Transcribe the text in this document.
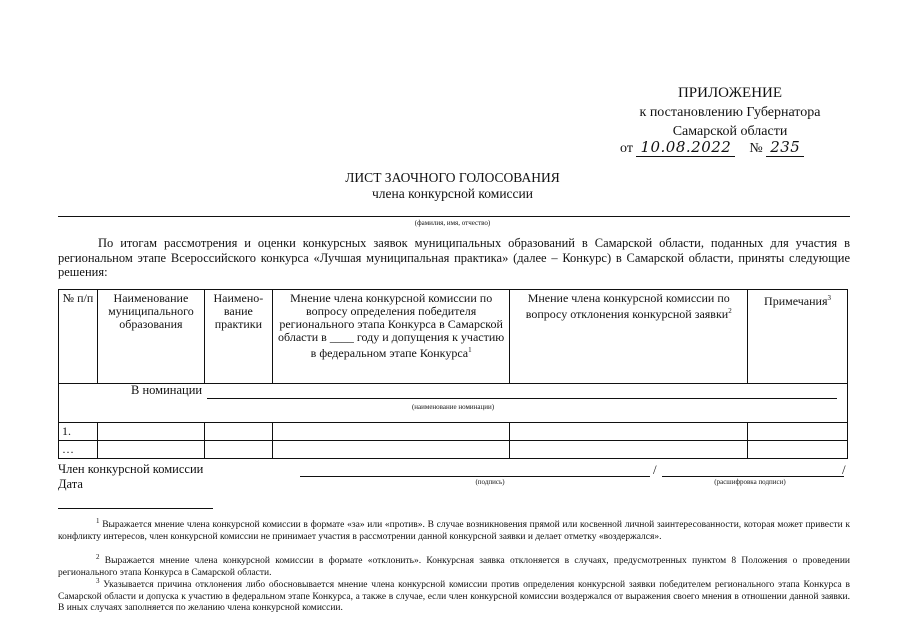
ПРИЛОЖЕНИЕ
к постановлению Губернатора
Самарской области
от 10.08.2022 № 235
ЛИСТ ЗАОЧНОГО ГОЛОСОВАНИЯ
члена конкурсной комиссии
(фамилия, имя, отчество)
По итогам рассмотрения и оценки конкурсных заявок муниципальных образований в Самарской области, поданных для участия в региональном этапе Всероссийского конкурса «Лучшая муниципальная практика» (далее – Конкурс) в Самарской области, приняты следующие решения:
№ п/п	Наименование муниципального образования	Наимено-вание практики	Мнение члена конкурсной комиссии по вопросу определения победителя регионального этапа Конкурса в Самарской области в ____ году и допущения к участию в федеральном этапе Конкурса$^1$	Мнение члена конкурсной комиссии по вопросу отклонения конкурсной заявки$^2$	Примечания$^3$

В номинации
(наименование номинации)					

1.					
…					
Член конкурсной комиссии
Дата
/	/
(подпись)	(расшифровка подписи)
$^1$ Выражается мнение члена конкурсной комиссии в формате «за» или «против». В случае возникновения прямой или косвенной личной заинтересованности, которая может привести к конфликту интересов, член конкурсной комиссии не принимает участия в рассмотрении данной конкурсной заявки и делает отметку «воздержался».
$^2$ Выражается мнение члена конкурсной комиссии в формате «отклонить». Конкурсная заявка отклоняется в случаях, предусмотренных пунктом 8 Положения о проведении регионального этапа Конкурса в Самарской области.
$^3$ Указывается причина отклонения либо обосновывается мнение члена конкурсной комиссии против определения конкурсной заявки победителем регионального этапа Конкурса в Самарской области и допуска к участию в федеральном этапе Конкурса, а также в случае, если член конкурсной комиссии воздержался от выражения своего мнения в отношении данной заявки. В иных случаях заполняется по желанию члена конкурсной комиссии.
